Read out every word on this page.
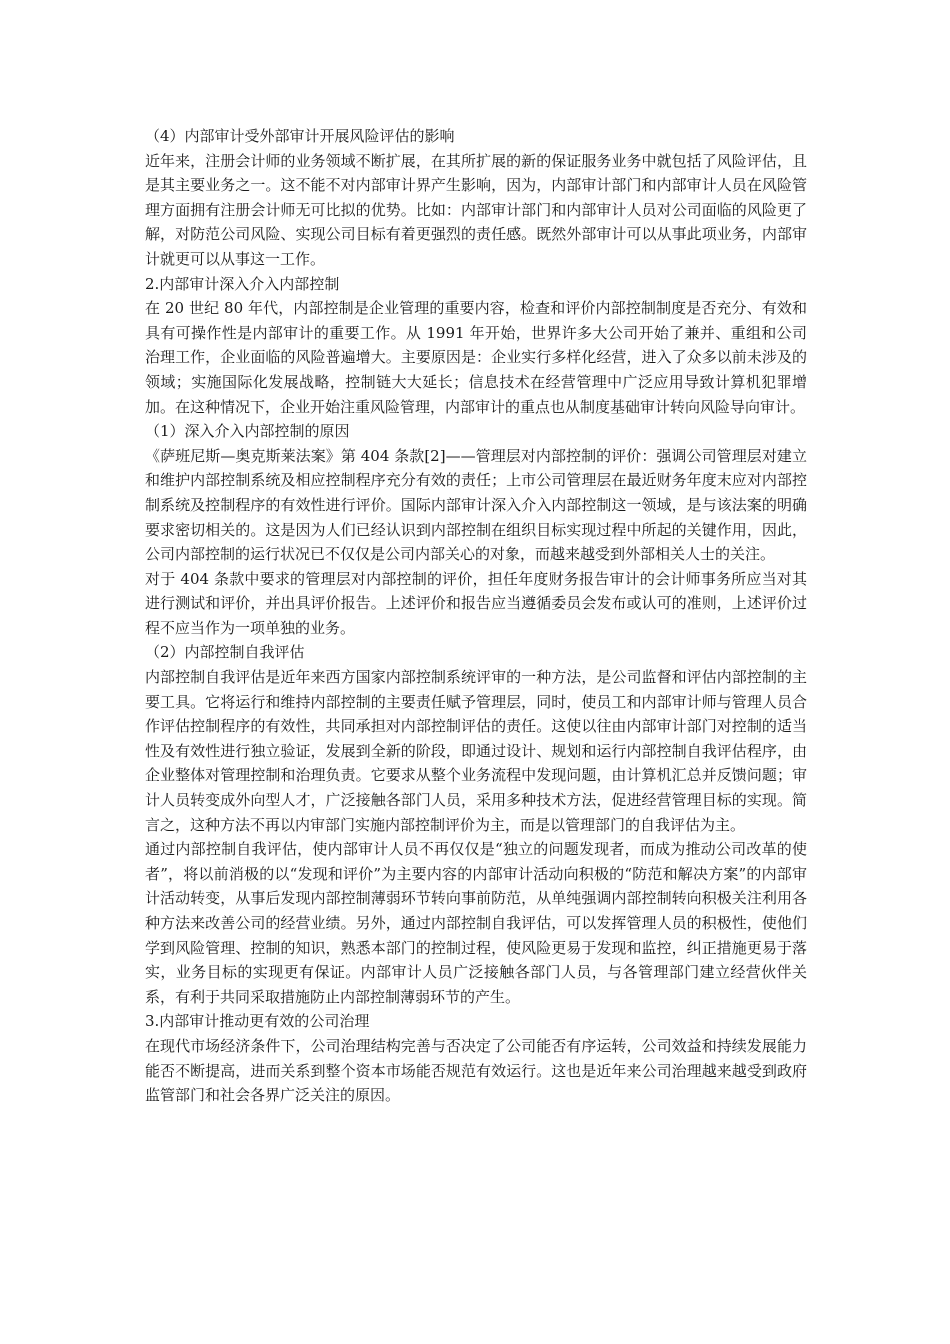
（4）内部审计受外部审计开展风险评估的影响

近年来，注册会计师的业务领域不断扩展，在其所扩展的新的保证服务业务中就包括了风险评估，且是其主要业务之一。这不能不对内部审计界产生影响，因为，内部审计部门和内部审计人员在风险管理方面拥有注册会计师无可比拟的优势。比如：内部审计部门和内部审计人员对公司面临的风险更了解，对防范公司风险、实现公司目标有着更强烈的责任感。既然外部审计可以从事此项业务，内部审计就更可以从事这一工作。

2.内部审计深入介入内部控制

在 20 世纪 80 年代，内部控制是企业管理的重要内容，检查和评价内部控制制度是否充分、有效和具有可操作性是内部审计的重要工作。从 1991 年开始，世界许多大公司开始了兼并、重组和公司治理工作，企业面临的风险普遍增大。主要原因是：企业实行多样化经营，进入了众多以前未涉及的领域；实施国际化发展战略，控制链大大延长；信息技术在经营管理中广泛应用导致计算机犯罪增加。在这种情况下，企业开始注重风险管理，内部审计的重点也从制度基础审计转向风险导向审计。

（1）深入介入内部控制的原因

《萨班尼斯—奥克斯莱法案》第 404 条款[2]——管理层对内部控制的评价：强调公司管理层对建立和维护内部控制系统及相应控制程序充分有效的责任；上市公司管理层在最近财务年度末应对内部控制系统及控制程序的有效性进行评价。国际内部审计深入介入内部控制这一领域，是与该法案的明确要求密切相关的。这是因为人们已经认识到内部控制在组织目标实现过程中所起的关键作用，因此，公司内部控制的运行状况已不仅仅是公司内部关心的对象，而越来越受到外部相关人士的关注。

对于 404 条款中要求的管理层对内部控制的评价，担任年度财务报告审计的会计师事务所应当对其进行测试和评价，并出具评价报告。上述评价和报告应当遵循委员会发布或认可的准则，上述评价过程不应当作为一项单独的业务。

（2）内部控制自我评估

内部控制自我评估是近年来西方国家内部控制系统评审的一种方法，是公司监督和评估内部控制的主要工具。它将运行和维持内部控制的主要责任赋予管理层，同时，使员工和内部审计师与管理人员合作评估控制程序的有效性，共同承担对内部控制评估的责任。这使以往由内部审计部门对控制的适当性及有效性进行独立验证，发展到全新的阶段，即通过设计、规划和运行内部控制自我评估程序，由企业整体对管理控制和治理负责。它要求从整个业务流程中发现问题，由计算机汇总并反馈问题；审计人员转变成外向型人才，广泛接触各部门人员，采用多种技术方法，促进经营管理目标的实现。简言之，这种方法不再以内审部门实施内部控制评价为主，而是以管理部门的自我评估为主。

通过内部控制自我评估，使内部审计人员不再仅仅是“独立的问题发现者，而成为推动公司改革的使者”，将以前消极的以“发现和评价”为主要内容的内部审计活动向积极的“防范和解决方案”的内部审计活动转变，从事后发现内部控制薄弱环节转向事前防范，从单纯强调内部控制转向积极关注利用各种方法来改善公司的经营业绩。另外，通过内部控制自我评估，可以发挥管理人员的积极性，使他们学到风险管理、控制的知识，熟悉本部门的控制过程，使风险更易于发现和监控，纠正措施更易于落实，业务目标的实现更有保证。内部审计人员广泛接触各部门人员，与各管理部门建立经营伙伴关系，有利于共同采取措施防止内部控制薄弱环节的产生。

3.内部审计推动更有效的公司治理

在现代市场经济条件下，公司治理结构完善与否决定了公司能否有序运转，公司效益和持续发展能力能否不断提高，进而关系到整个资本市场能否规范有效运行。这也是近年来公司治理越来越受到政府监管部门和社会各界广泛关注的原因。
